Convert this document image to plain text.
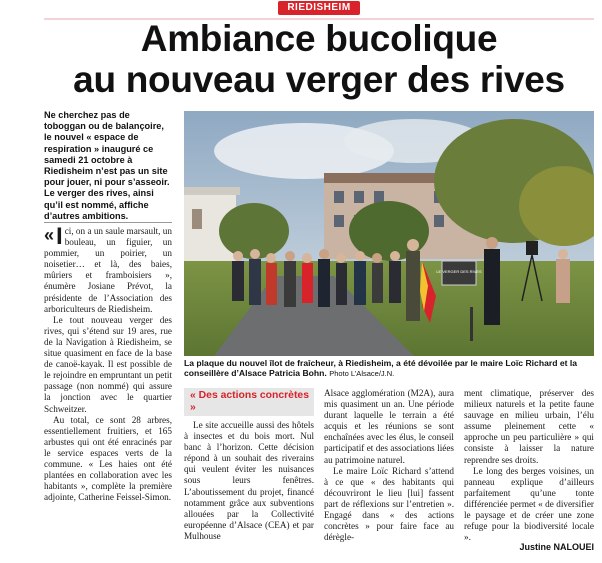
RIEDISHEIM
Ambiance bucolique
au nouveau verger des rives
Ne cherchez pas de toboggan ou de balançoire, le nouvel « espace de respiration » inauguré ce samedi 21 octobre à Riedisheim n’est pas un site pour jouer, ni pour s’asseoir. Le verger des rives, ainsi qu’il est nommé, affiche d’autres ambitions.

« I ci, on a un saule marsault, un bouleau, un figuier, un pommier, un poirier, un noisetier… et là, des baies, mûriers et framboisiers », énumère Josiane Prévot, la présidente de l’Association des arboriculteurs de Riedisheim.

Le tout nouveau verger des rives, qui s’étend sur 19 ares, rue de la Navigation à Riedisheim, se situe quasiment en face de la base de canoë-kayak. Il est possible de le rejoindre en empruntant un petit passage (non nommé) qui assure la jonction avec le quartier Schweitzer.

Au total, ce sont 28 arbres, essentiellement fruitiers, et 165 arbustes qui ont été enracinés par le service espaces verts de la commune. « Les haies ont été plantées en collaboration avec les habitants », complète la première adjointe, Catherine Feissel-Simon.

LE VERGER DES RIVES
La plaque du nouvel îlot de fraîcheur, à Riedisheim, a été dévoilée par le maire Loïc Richard et la conseillère d’Alsace Patricia Bohn. Photo L’Alsace/J.N.
« Des actions concrètes »

Le site accueille aussi des hôtels à insectes et du bois mort. Nul banc à l’horizon. Cette décision répond à un souhait des riverains qui veulent éviter les nuisances sous leurs fenêtres. L’aboutissement du projet, financé notamment grâce aux subventions allouées par la Collectivité européenne d’Alsace (CEA) et par Mulhouse

Alsace agglomération (M2A), aura mis quasiment un an. Une période durant laquelle le terrain a été acquis et les réunions se sont enchaînées avec les élus, le conseil participatif et des associations liées au patrimoine naturel.

Le maire Loïc Richard s’attend à ce que « des habitants qui découvriront le lieu [lui] fassent part de réflexions sur l’entretien ». Engagé dans « des actions concrètes » pour faire face au dérègle-

ment climatique, préserver des milieux naturels et la petite faune sauvage en milieu urbain, l’élu assume pleinement cette « approche un peu particulière » qui consiste à laisser la nature reprendre ses droits.

Le long des berges voisines, un panneau explique d’ailleurs parfaitement qu’une tonte différenciée permet « de diversifier le paysage et de créer une zone refuge pour la biodiversité locale ».

Justine NALOUEI
